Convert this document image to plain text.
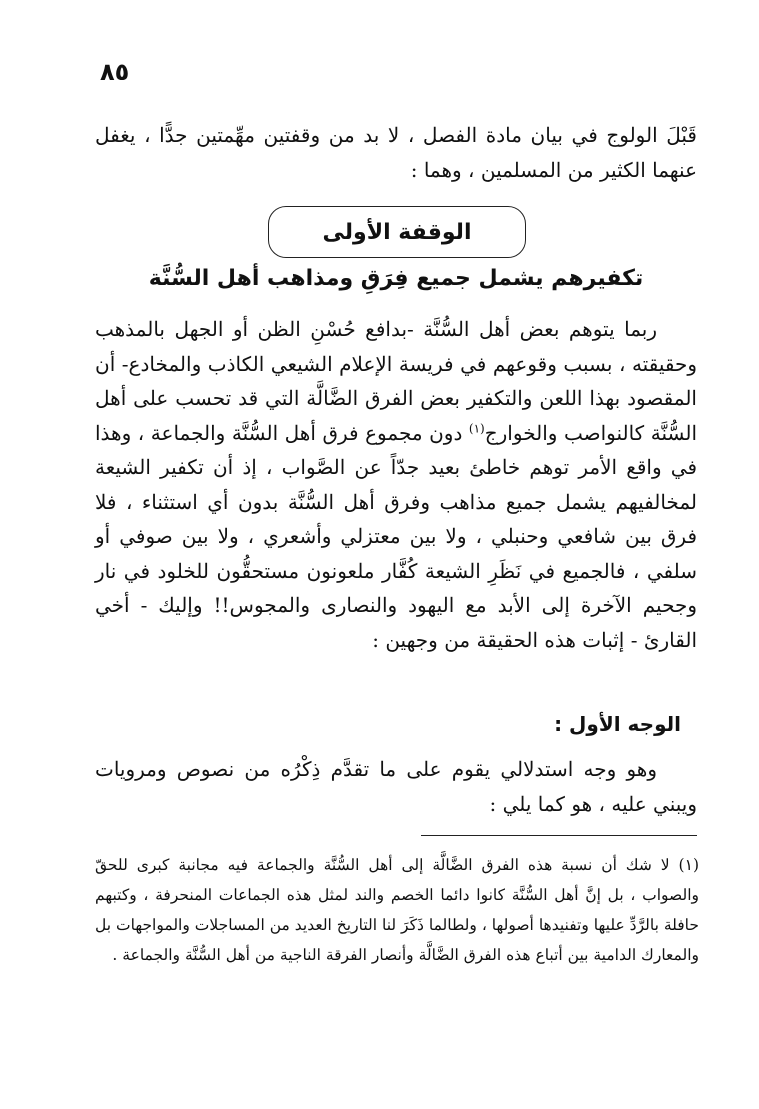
٨٥
قَبْلَ الولوج في بيان مادة الفصل ، لا بد من وقفتين مهِّمتين جدًّا ، يغفل عنهما الكثير من المسلمين ، وهما :
الوقفة الأولى
تكفيرهم يشمل جميع فِرَقِ ومذاهب أهل السُّنَّة

ربما يتوهم بعض أهل السُّنَّة -بدافع حُسْنِ الظن أو الجهل بالمذهب وحقيقته ، بسبب وقوعهم في فريسة الإعلام الشيعي الكاذب والمخادع- أن المقصود بهذا اللعن والتكفير بعض الفرق الضَّالَّة التي قد تحسب على أهل السُّنَّة كالنواصب والخوارج$^{(١)}$ دون مجموع فرق أهل السُّنَّة والجماعة ، وهذا في واقع الأمر توهم خاطئ بعيد جدّاً عن الصَّواب ، إذ أن تكفير الشيعة لمخالفيهم يشمل جميع مذاهب وفرق أهل السُّنَّة بدون أي استثناء ، فلا فرق بين شافعي وحنبلي ، ولا بين معتزلي وأشعري ، ولا بين صوفي أو سلفي ، فالجميع في نَظَرِ الشيعة كُفَّار ملعونون مستحقُّون للخلود في نار وجحيم الآخرة إلى الأبد مع اليهود والنصارى والمجوس!! وإليك - أخي القارئ - إثبات هذه الحقيقة من وجهين :

الوجه الأول :
وهو وجه استدلالي يقوم على ما تقدَّم ذِكْرُه من نصوص ومرويات ويبني عليه ، هو كما يلي :
(١) لا شك أن نسبة هذه الفرق الضَّالَّة إلى أهل السُّنَّة والجماعة فيه مجانبة كبرى للحقّ والصواب ، بل إنَّ أهل السُّنَّة كانوا دائما الخصم والند لمثل هذه الجماعات المنحرفة ، وكتبهم حافلة بالرَّدِّ عليها وتفنيدها أصولها ، ولطالما ذَكَرَ لنا التاريخ العديد من المساجلات والمواجهات بل والمعارك الدامية بين أتباع هذه الفرق الضَّالَّة وأنصار الفرقة الناجية من أهل السُّنَّة والجماعة .
